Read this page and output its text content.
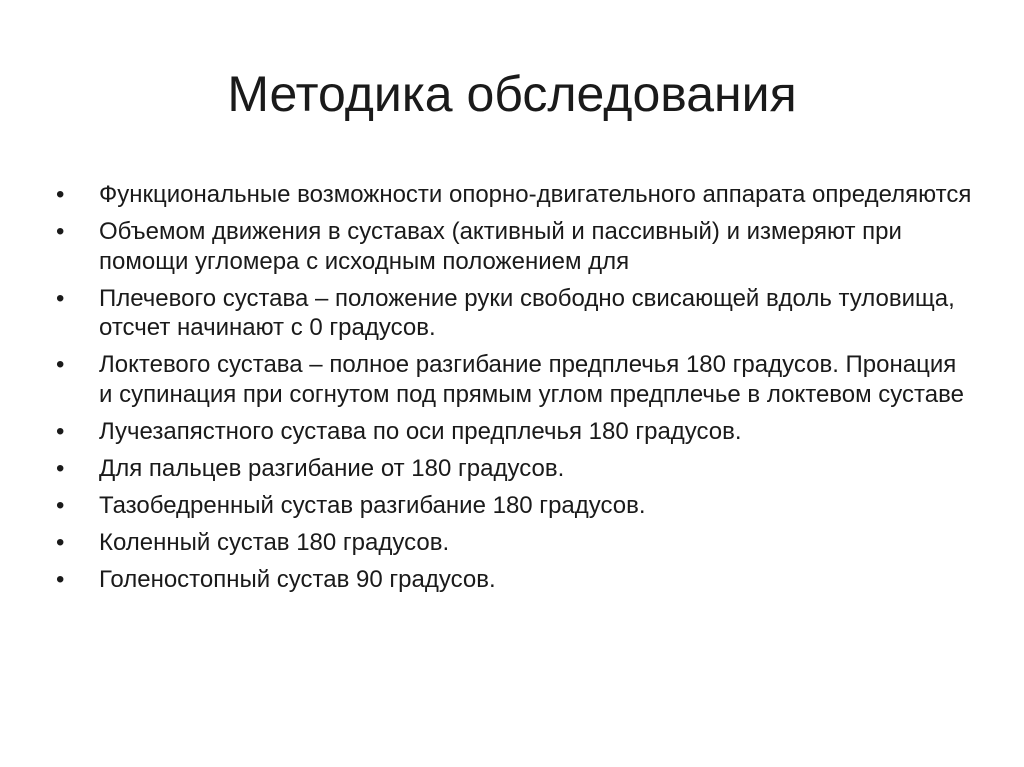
Методика обследования
• Функциональные возможности опорно-двигательного аппарата определяются
• Объемом движения в суставах (активный и пассивный) и измеряют при помощи угломера с исходным положением для
• Плечевого сустава – положение руки свободно свисающей вдоль туловища, отсчет начинают с 0 градусов.
• Локтевого сустава – полное разгибание предплечья 180 градусов. Пронация и супинация при согнутом под прямым углом предплечье в локтевом суставе
• Лучезапястного сустава по оси предплечья 180 градусов.
• Для пальцев разгибание от 180 градусов.
• Тазобедренный сустав разгибание 180 градусов.
• Коленный сустав 180 градусов.
• Голеностопный сустав 90 градусов.
